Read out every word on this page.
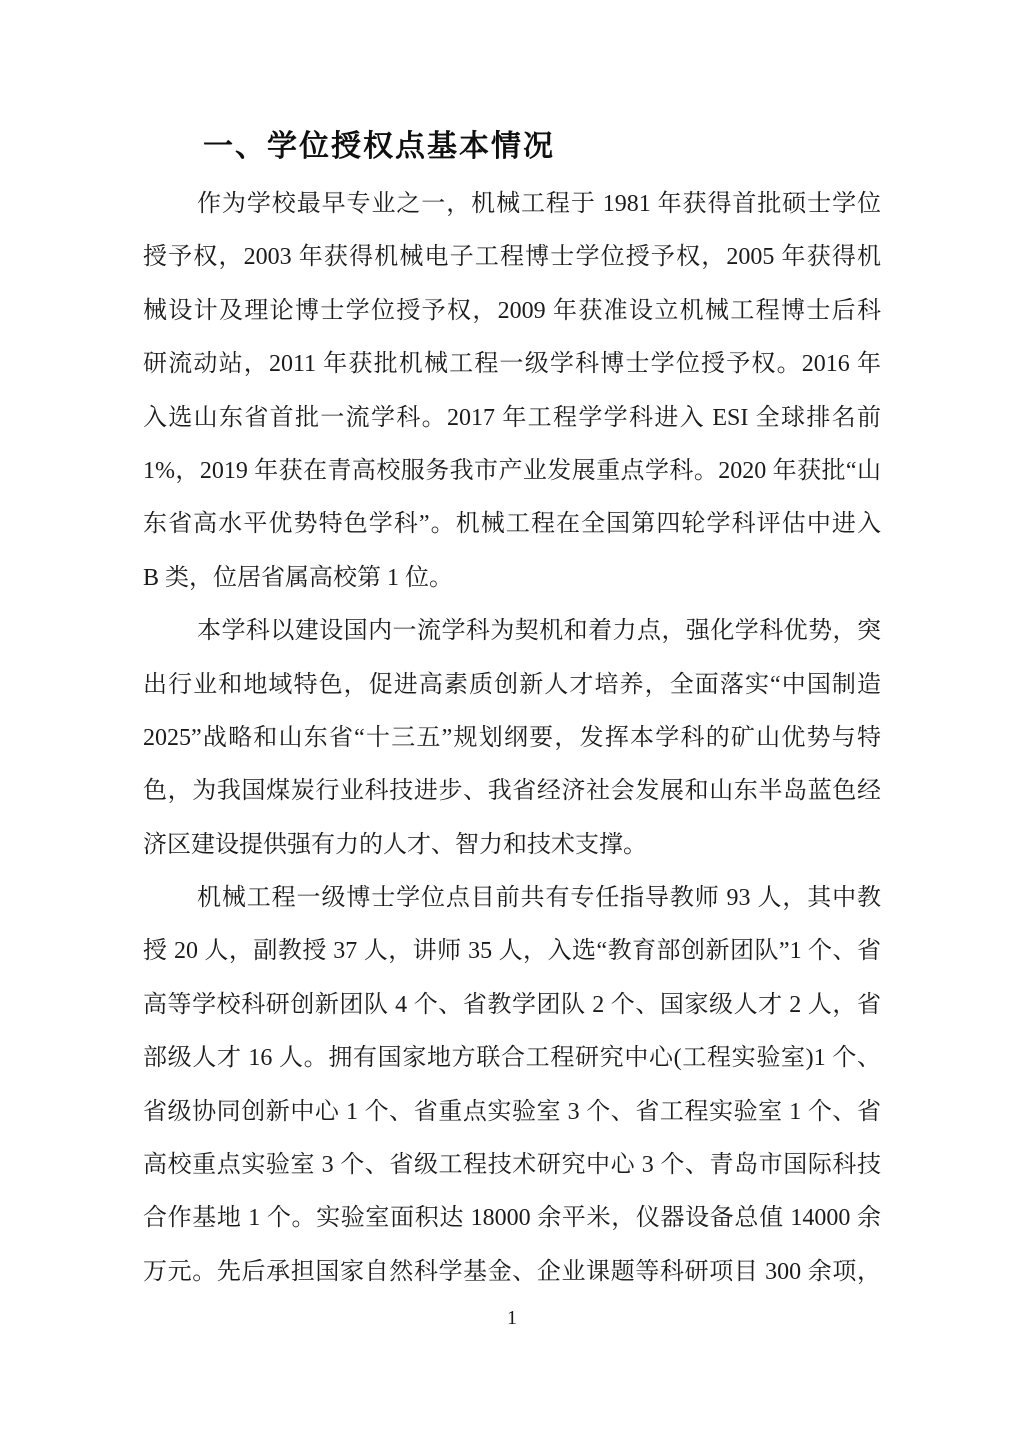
一、学位授权点基本情况
作为学校最早专业之一，机械工程于 1981 年获得首批硕士学位
授予权，2003 年获得机械电子工程博士学位授予权，2005 年获得机
械设计及理论博士学位授予权，2009 年获准设立机械工程博士后科
研流动站，2011 年获批机械工程一级学科博士学位授予权。2016 年
入选山东省首批一流学科。2017 年工程学学科进入 ESI 全球排名前
1%，2019 年获在青高校服务我市产业发展重点学科。2020 年获批“山
东省高水平优势特色学科”。机械工程在全国第四轮学科评估中进入
B 类，位居省属高校第 1 位。
本学科以建设国内一流学科为契机和着力点，强化学科优势，突
出行业和地域特色，促进高素质创新人才培养，全面落实“中国制造
2025”战略和山东省“十三五”规划纲要，发挥本学科的矿山优势与特
色，为我国煤炭行业科技进步、我省经济社会发展和山东半岛蓝色经
济区建设提供强有力的人才、智力和技术支撑。
机械工程一级博士学位点目前共有专任指导教师 93 人，其中教
授 20 人，副教授 37 人，讲师 35 人，入选“教育部创新团队”1 个、省
高等学校科研创新团队 4 个、省教学团队 2 个、国家级人才 2 人，省
部级人才 16 人。拥有国家地方联合工程研究中心(工程实验室)1 个、
省级协同创新中心 1 个、省重点实验室 3 个、省工程实验室 1 个、省
高校重点实验室 3 个、省级工程技术研究中心 3 个、青岛市国际科技
合作基地 1 个。实验室面积达 18000 余平米，仪器设备总值 14000 余
万元。先后承担国家自然科学基金、企业课题等科研项目 300 余项，
1
